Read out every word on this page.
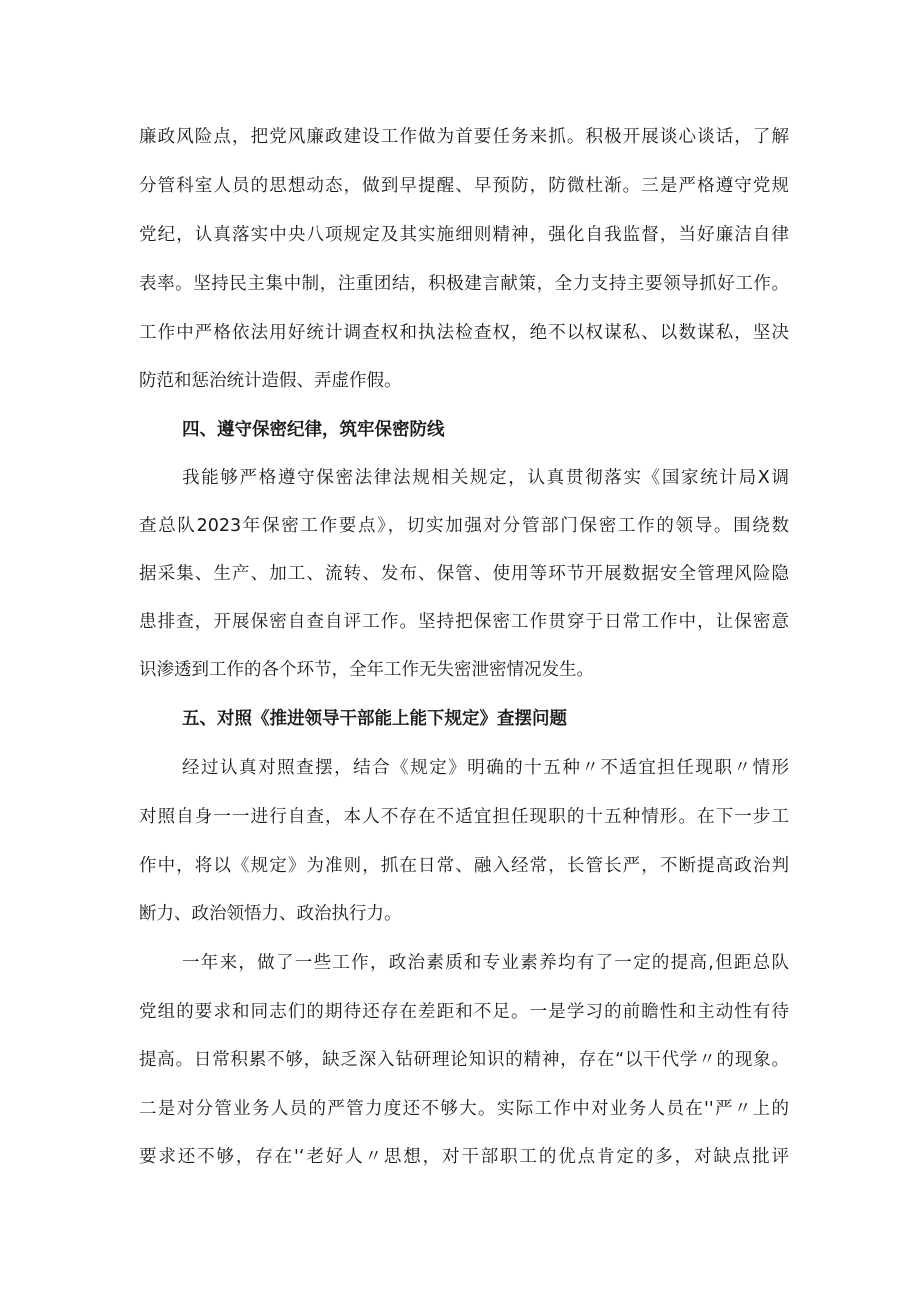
廉政风险点，把党风廉政建设工作做为首要任务来抓。积极开展谈心谈话，了解
分管科室人员的思想动态，做到早提醒、早预防，防微杜渐。三是严格遵守党规
党纪，认真落实中央八项规定及其实施细则精神，强化自我监督，当好廉洁自律
表率。坚持民主集中制，注重团结，积极建言献策，全力支持主要领导抓好工作。
工作中严格依法用好统计调查权和执法检查权，绝不以权谋私、以数谋私，坚决
防范和惩治统计造假、弄虚作假。
四、遵守保密纪律，筑牢保密防线
我能够严格遵守保密法律法规相关规定，认真贯彻落实《国家统计局X调
查总队2023年保密工作要点》，切实加强对分管部门保密工作的领导。围绕数
据采集、生产、加工、流转、发布、保管、使用等环节开展数据安全管理风险隐
患排查，开展保密自查自评工作。坚持把保密工作贯穿于日常工作中，让保密意
识渗透到工作的各个环节，全年工作无失密泄密情况发生。
五、对照《推进领导干部能上能下规定》查摆问题
经过认真对照查摆，结合《规定》明确的十五种〃不适宜担任现职〃情形
对照自身一一进行自查，本人不存在不适宜担任现职的十五种情形。在下一步工
作中，将以《规定》为准则，抓在日常、融入经常，长管长严，不断提高政治判
断力、政治领悟力、政治执行力。
一年来，做了一些工作，政治素质和专业素养均有了一定的提高,但距总队
党组的要求和同志们的期待还存在差距和不足。一是学习的前瞻性和主动性有待
提高。日常积累不够，缺乏深入钻研理论知识的精神，存在“以干代学〃的现象。
二是对分管业务人员的严管力度还不够大。实际工作中对业务人员在''严〃上的
要求还不够，存在'‘老好人〃思想，对干部职工的优点肯定的多，对缺点批评
